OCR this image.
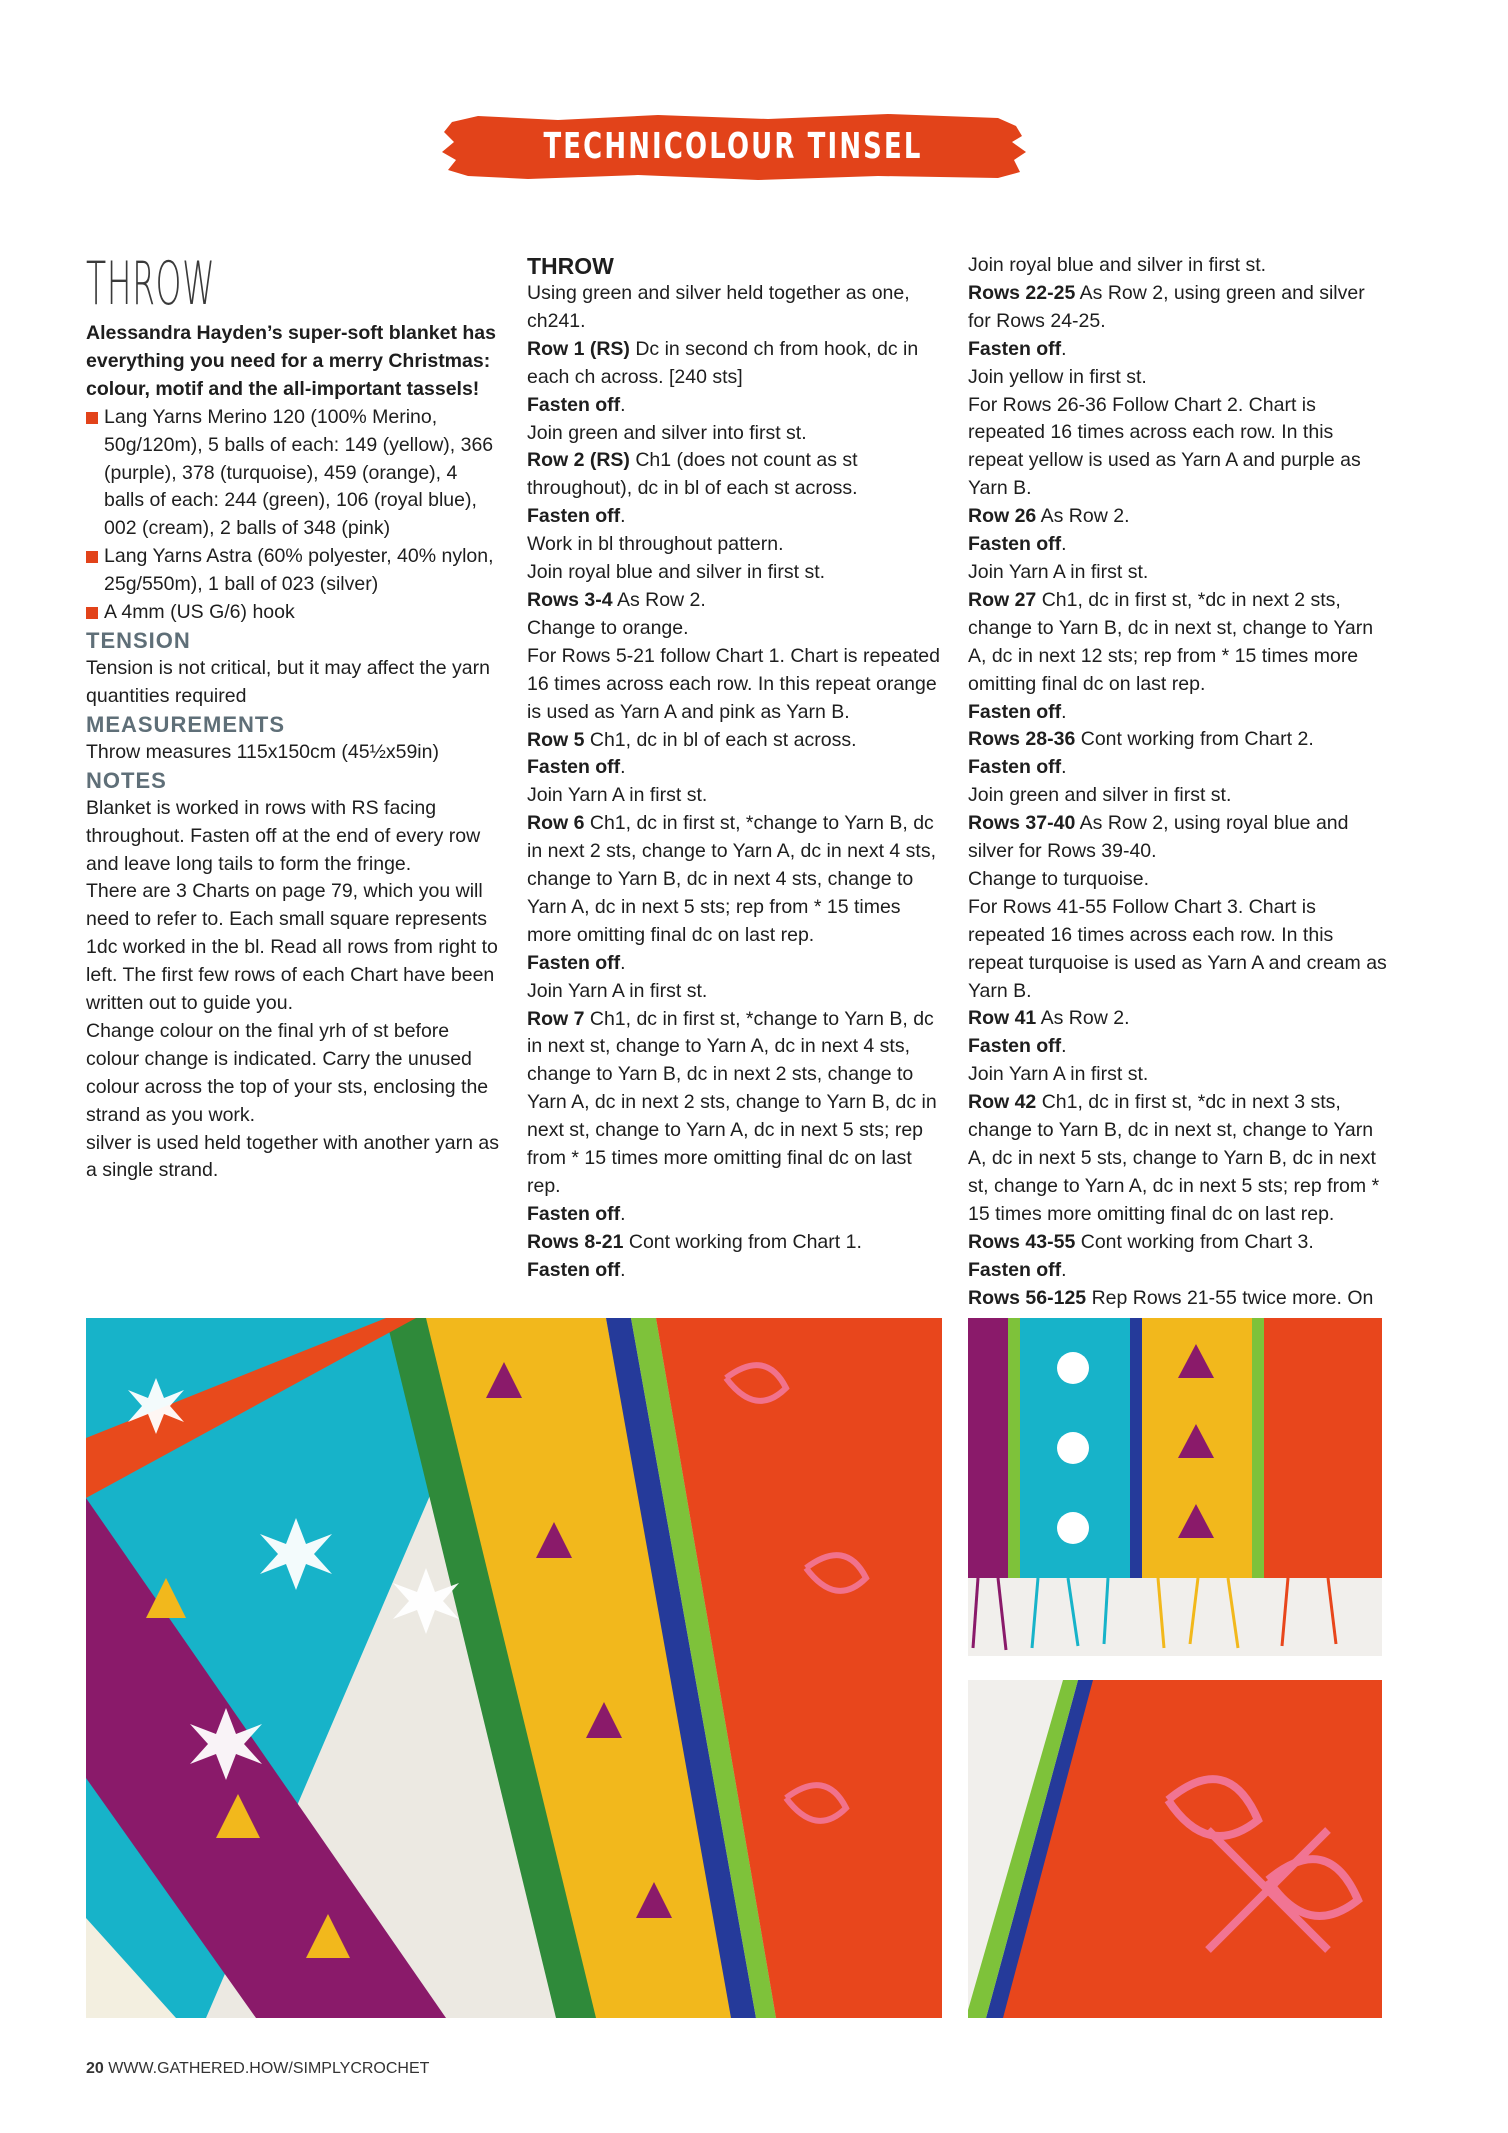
TECHNICOLOUR TINSEL COLLECTION
THROW

Alessandra Hayden’s super-soft blanket has everything you need for a merry Christmas: colour, motif and the all-important tassels!

Lang Yarns Merino 120 (100% Merino, 50g/120m), 5 balls of each: 149 (yellow), 366 (purple), 378 (turquoise), 459 (orange), 4 balls of each: 244 (green), 106 (royal blue), 002 (cream), 2 balls of 348 (pink)
Lang Yarns Astra (60% polyester, 40% nylon, 25g/550m), 1 ball of 023 (silver)
A 4mm (US G/6) hook

TENSION

Tension is not critical, but it may affect the yarn quantities required

MEASUREMENTS

Throw measures 115x150cm (45½x59in)

NOTES

Blanket is worked in rows with RS facing throughout. Fasten off at the end of every row and leave long tails to form the fringe.

There are 3 Charts on page 79, which you will need to refer to. Each small square represents 1dc worked in the bl. Read all rows from right to left. The first few rows of each Chart have been written out to guide you.

Change colour on the final yrh of st before colour change is indicated. Carry the unused colour across the top of your sts, enclosing the strand as you work.

silver is used held together with another yarn as a single strand.

THROW

Using green and silver held together as one, ch241.

Row 1 (RS) Dc in second ch from hook, dc in each ch across. [240 sts]

Fasten off.

Join green and silver into first st.

Row 2 (RS) Ch1 (does not count as st throughout), dc in bl of each st across.

Fasten off.

Work in bl throughout pattern.

Join royal blue and silver in first st.

Rows 3-4 As Row 2.

Change to orange.

For Rows 5-21 follow Chart 1. Chart is repeated 16 times across each row. In this repeat orange is used as Yarn A and pink as Yarn B.

Row 5 Ch1, dc in bl of each st across.

Fasten off.

Join Yarn A in first st.

Row 6 Ch1, dc in first st, *change to Yarn B, dc in next 2 sts, change to Yarn A, dc in next 4 sts, change to Yarn B, dc in next 4 sts, change to Yarn A, dc in next 5 sts; rep from * 15 times more omitting final dc on last rep.

Fasten off.

Join Yarn A in first st.

Row 7 Ch1, dc in first st, *change to Yarn B, dc in next st, change to Yarn A, dc in next 4 sts, change to Yarn B, dc in next 2 sts, change to Yarn A, dc in next 2 sts, change to Yarn B, dc in next st, change to Yarn A, dc in next 5 sts; rep from * 15 times more omitting final dc on last rep.

Fasten off.

Rows 8-21 Cont working from Chart 1.

Fasten off.

Join royal blue and silver in first st.

Rows 22-25 As Row 2, using green and silver for Rows 24-25.

Fasten off.

Join yellow in first st.

For Rows 26-36 Follow Chart 2. Chart is repeated 16 times across each row. In this repeat yellow is used as Yarn A and purple as Yarn B.

Row 26 As Row 2.

Fasten off.

Join Yarn A in first st.

Row 27 Ch1, dc in first st, *dc in next 2 sts, change to Yarn B, dc in next st, change to Yarn A, dc in next 12 sts; rep from * 15 times more omitting final dc on last rep.

Fasten off.

Rows 28-36 Cont working from Chart 2.

Fasten off.

Join green and silver in first st.

Rows 37-40 As Row 2, using royal blue and silver for Rows 39-40.

Change to turquoise.

For Rows 41-55 Follow Chart 3. Chart is repeated 16 times across each row. In this repeat turquoise is used as Yarn A and cream as Yarn B.

Row 41 As Row 2.

Fasten off.

Join Yarn A in first st.

Row 42 Ch1, dc in first st, *dc in next 3 sts, change to Yarn B, dc in next st, change to Yarn A, dc in next 5 sts, change to Yarn B, dc in next st, change to Yarn A, dc in next 5 sts; rep from * 15 times more omitting final dc on last rep.

Rows 43-55 Cont working from Chart 3.

Fasten off.

Rows 56-125 Rep Rows 21-55 twice more. On

20 WWW.GATHERED.HOW/SIMPLYCROCHET
